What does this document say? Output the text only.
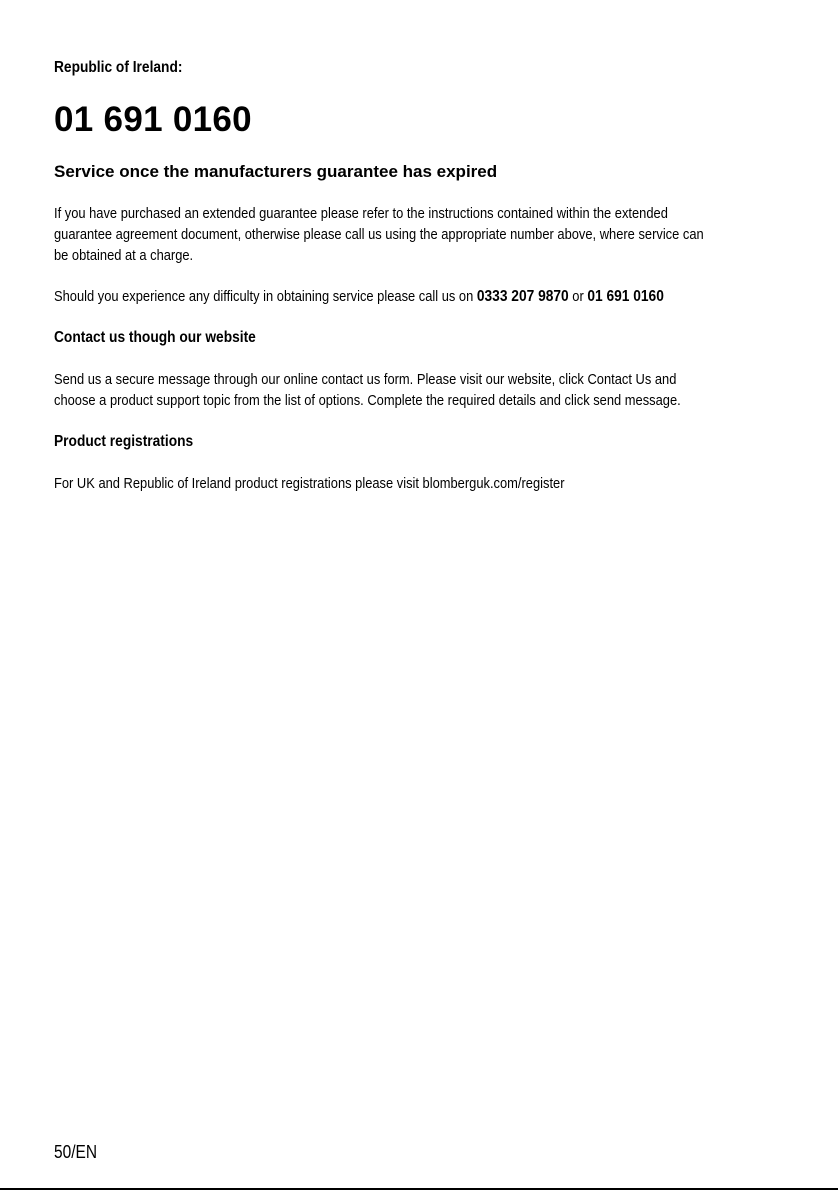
Republic of Ireland:

01 691 0160

Service once the manufacturers guarantee has expired
If you have purchased an extended guarantee please refer to the instructions contained within the extended
guarantee agreement document, otherwise please call us using the appropriate number above, where service can
be obtained at a charge.
Should you experience any difficulty in obtaining service please call us on 0333 207 9870 or 01 691 0160
Contact us though our website
Send us a secure message through our online contact us form. Please visit our website, click Contact Us and
choose a product support topic from the list of options. Complete the required details and click send message.
Product registrations
For UK and Republic of Ireland product registrations please visit blomberguk.com/register

50/EN
